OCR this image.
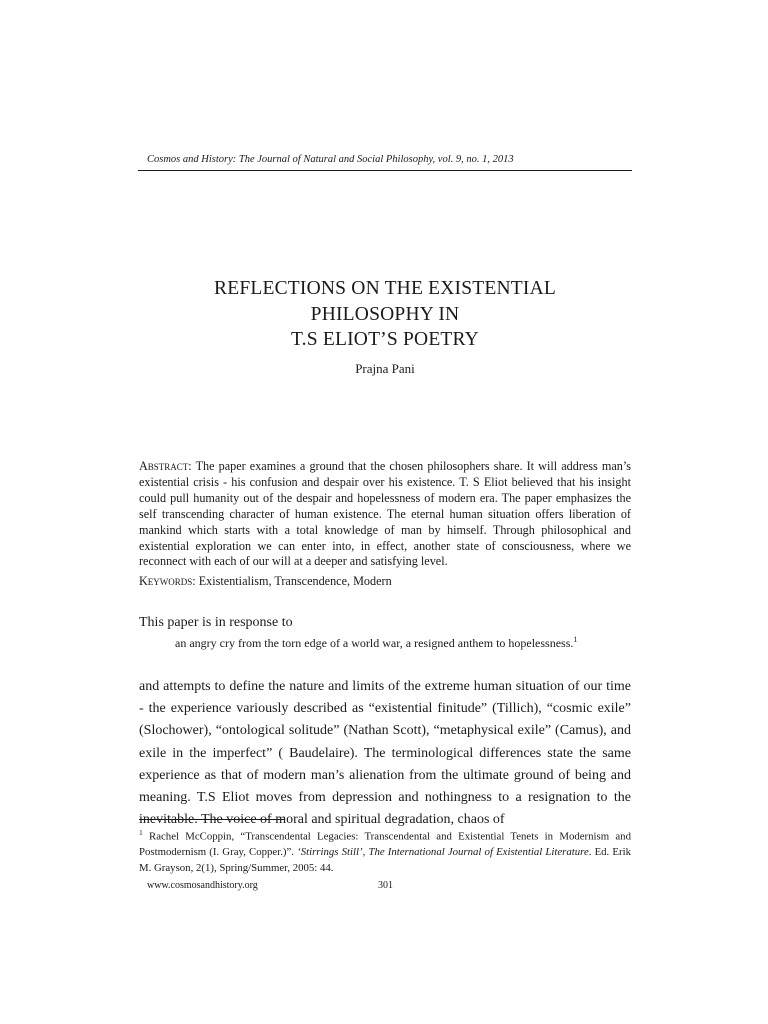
Cosmos and History: The Journal of Natural and Social Philosophy, vol. 9, no. 1, 2013
REFLECTIONS ON THE EXISTENTIAL
PHILOSOPHY IN
T.S ELIOT’S POETRY
Prajna Pani
Abstract: The paper examines a ground that the chosen philosophers share. It will address man’s existential crisis - his confusion and despair over his existence. T. S Eliot believed that his insight could pull humanity out of the despair and hopelessness of modern era. The paper emphasizes the self transcending character of human existence. The eternal human situation offers liberation of mankind which starts with a total knowledge of man by himself. Through philosophical and existential exploration we can enter into, in effect, another state of consciousness, where we reconnect with each of our will at a deeper and satisfying level.
Keywords: Existentialism, Transcendence, Modern
This paper is in response to
an angry cry from the torn edge of a world war, a resigned anthem to hopelessness.$^1$
and attempts to define the nature and limits of the extreme human situation of our time - the experience variously described as “existential finitude” (Tillich), “cosmic exile” (Slochower), “ontological solitude” (Nathan Scott), “metaphysical exile” (Camus), and exile in the imperfect” ( Baudelaire). The terminological differences state the same experience as that of modern man’s alienation from the ultimate ground of being and meaning. T.S Eliot moves from depression and nothingness to a resignation to the inevitable. The voice of moral and spiritual degradation, chaos of
$^1$ Rachel McCoppin, “Transcendental Legacies: Transcendental and Existential Tenets in Modernism and Postmodernism (I. Gray, Copper.)”. ‘Stirrings Still’, The International Journal of Existential Literature. Ed. Erik M. Grayson, 2(1), Spring/Summer, 2005: 44.
www.cosmosandhistory.org	301
